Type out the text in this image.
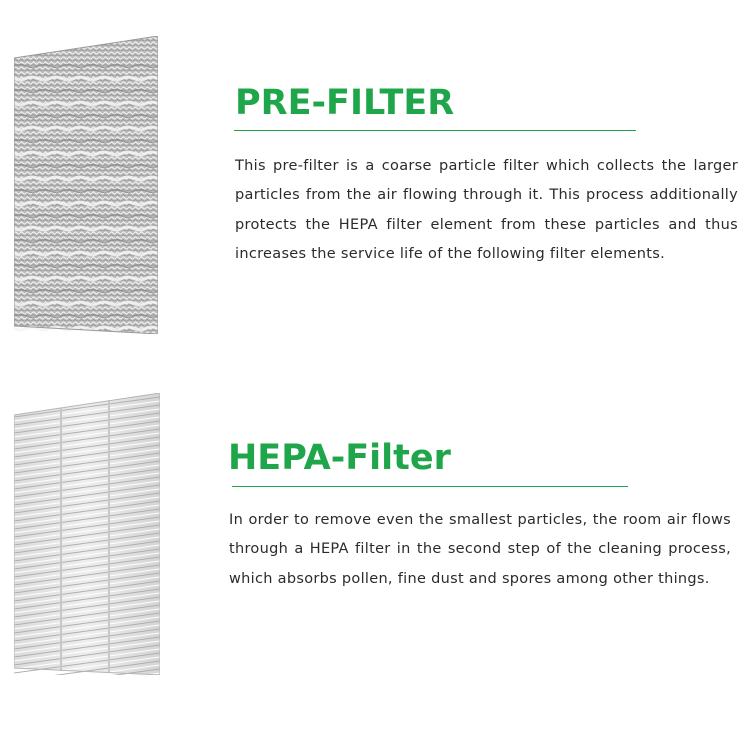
PRE-FILTER

This pre-filter is a coarse particle filter which collects the larger particles from the air flowing through it. This process additionally protects the HEPA filter element from these particles and thus increases the service life of the following filter elements.

HEPA-Filter

In order to remove even the smallest particles, the room air flows through a HEPA filter in the second step of the cleaning process, which absorbs pollen, fine dust and spores among other things.
